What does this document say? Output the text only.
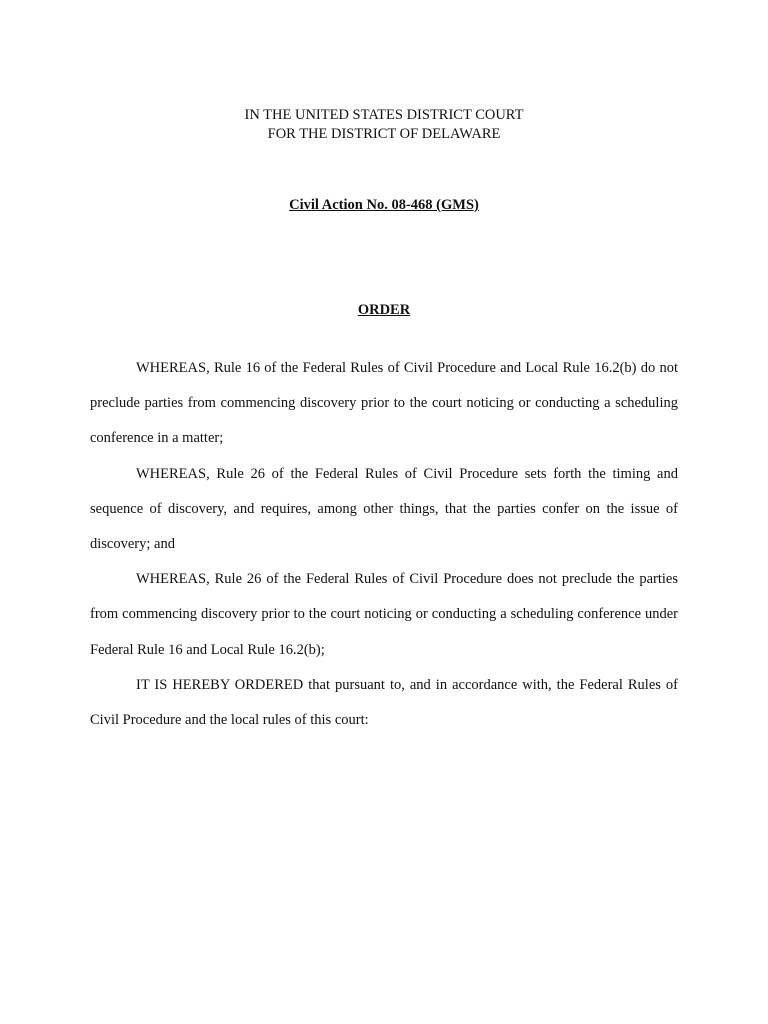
IN THE UNITED STATES DISTRICT COURT
FOR THE DISTRICT OF DELAWARE
Civil Action No. 08-468 (GMS)
ORDER

WHEREAS, Rule 16 of the Federal Rules of Civil Procedure and Local Rule 16.2(b) do not preclude parties from commencing discovery prior to the court noticing or conducting a scheduling conference in a matter;

WHEREAS, Rule 26 of the Federal Rules of Civil Procedure sets forth the timing and sequence of discovery, and requires, among other things, that the parties confer on the issue of discovery; and

WHEREAS, Rule 26 of the Federal Rules of Civil Procedure does not preclude the parties from commencing discovery prior to the court noticing or conducting a scheduling conference under Federal Rule 16 and Local Rule 16.2(b);

IT IS HEREBY ORDERED that pursuant to, and in accordance with, the Federal Rules of Civil Procedure and the local rules of this court:
